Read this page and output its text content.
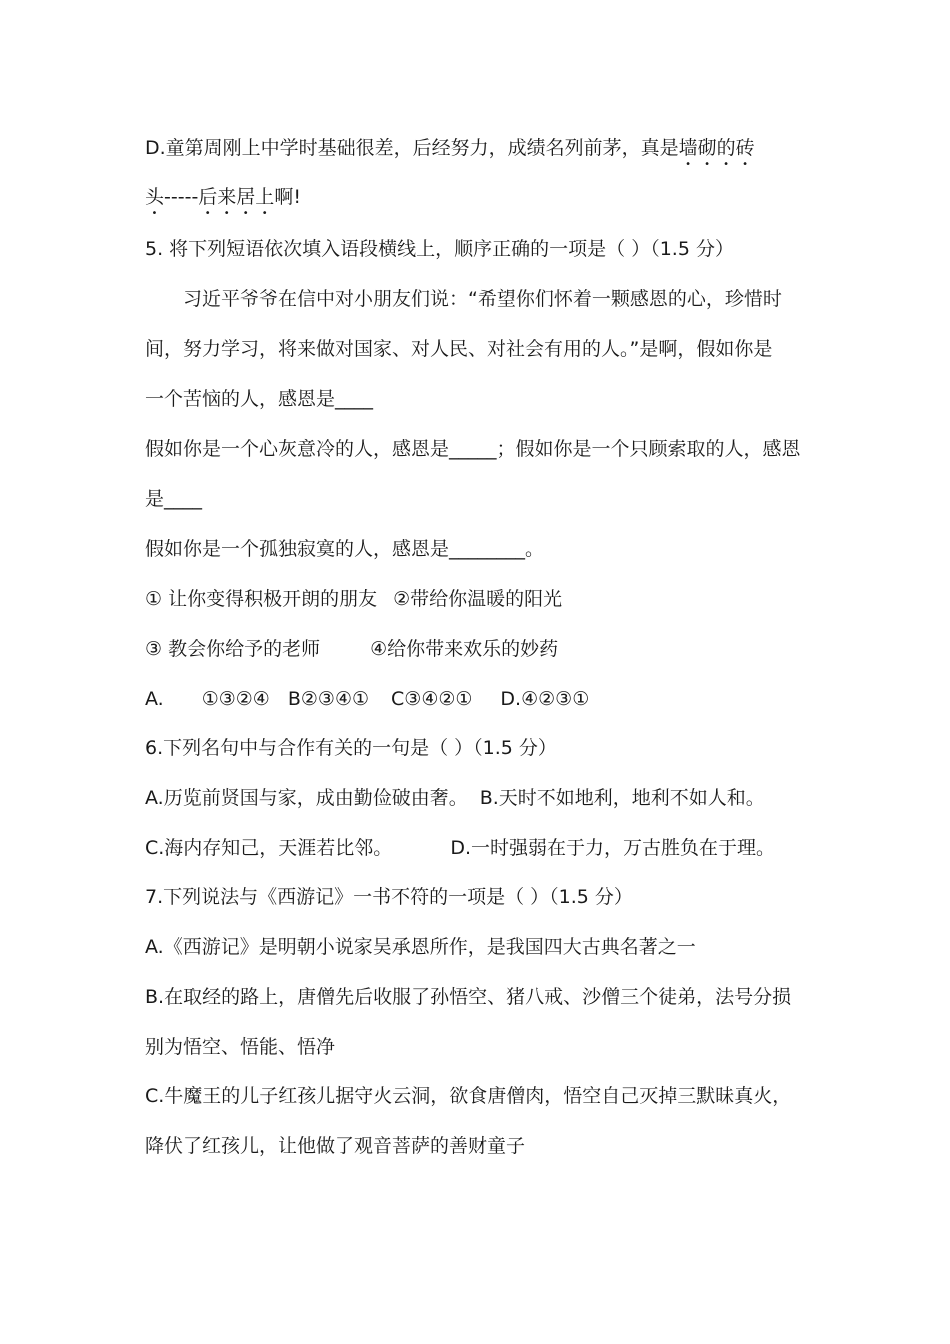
D.童第周刚上中学时基础很差，后经努力，成绩名列前茅，真是墙砌的砖
头-----后来居上啊!
5. 将下列短语依次填入语段横线上，顺序正确的一项是（ ）（1.5 分）
　　习近平爷爷在信中对小朋友们说：“希望你们怀着一颗感恩的心，珍惜时
间，努力学习，将来做对国家、对人民、对社会有用的人。”是啊，假如你是
一个苦恼的人，感恩是____
假如你是一个心灰意冷的人，感恩是_____；假如你是一个只顾索取的人，感恩
是____
假如你是一个孤独寂寞的人，感恩是________。
① 让你变得积极开朗的朋友 ②带给你温暖的阳光
③ 教会你给予的老师	④给你带来欢乐的妙药
A. ①③②④ B②③④① C③④②① D.④②③①
6.下列名句中与合作有关的一句是（ ）（1.5 分）
A.历览前贤国与家，成由勤俭破由奢。 B.天时不如地利，地利不如人和。
C.海内存知己，天涯若比邻。	D.一时强弱在于力，万古胜负在于理。
7.下列说法与《西游记》一书不符的一项是（ ）（1.5 分）
A.《西游记》是明朝小说家吴承恩所作，是我国四大古典名著之一
B.在取经的路上，唐僧先后收服了孙悟空、猪八戒、沙僧三个徒弟，法号分损
别为悟空、悟能、悟净
C.牛魔王的儿子红孩儿据守火云洞，欲食唐僧肉，悟空自己灭掉三默昧真火，
降伏了红孩儿，让他做了观音菩萨的善财童子
